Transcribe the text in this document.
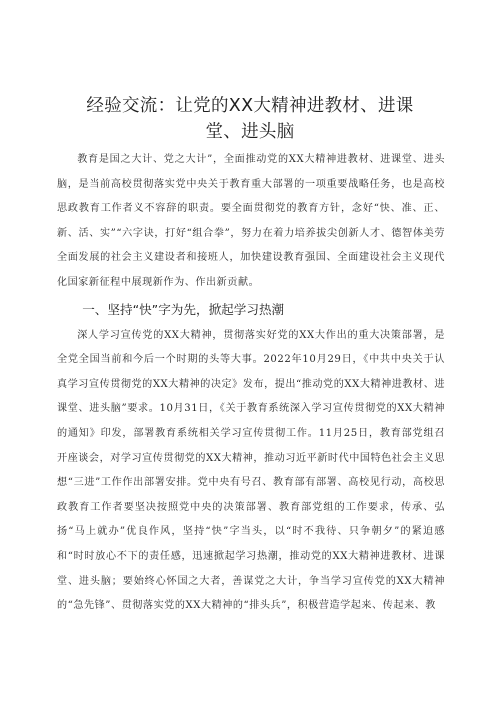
经验交流：让党的XX大精神进教材、进课
堂、进头脑

教育是国之大计、党之大计”，全面推动党的XX大精神进教材、进课堂、进头脑，是当前高校贯彻落实党中央关于教育重大部署的一项重要战略任务，也是高校思政教育工作者义不容辞的职责。要全面贯彻党的教育方针，念好“快、准、正、新、活、实”“六字诀，打好“组合拳”，努力在着力培养拔尖创新人才、德智体美劳全面发展的社会主义建设者和接班人，加快建设教育强国、全面建设社会主义现代化国家新征程中展现新作为、作出新贡献。

一、坚持“快”字为先，掀起学习热潮

深人学习宣传党的XX大精神，贯彻落实好党的XX大作出的重大决策部署，是全党全国当前和今后一个时期的头等大事。2022年10月29日，《中共中央关于认真学习宣传贯彻党的XX大精神的决定》发布，提出“推动党的XX大精神进教材、进课堂、进头脑”要求。10月31日，《关于教育系统深入学习宣传贯彻党的XX大精神的通知》印发，部署教育系统相关学习宣传贯彻工作。11月25日，教育部党组召开座谈会，对学习宣传贯彻党的XX大精神，推动习近平新时代中国特色社会主义思想“三进”工作作出部署安排。党中央有号召、教育部有部署、高校见行动，高校思政教育工作者要坚决按照党中央的决策部署、教育部党组的工作要求，传承、弘扬“马上就办”优良作风，坚持“快”字当头，以“时不我待、只争朝夕”的紧迫感和“时时放心不下的责任感，迅速掀起学习热潮，推动党的XX大精神进教材、进课堂、进头脑；要始终心怀国之大者，善谋党之大计，争当学习宣传党的XX大精神的“急先锋”、贯彻落实党的XX大精神的“排头兵”，积极营造学起来、传起来、教
